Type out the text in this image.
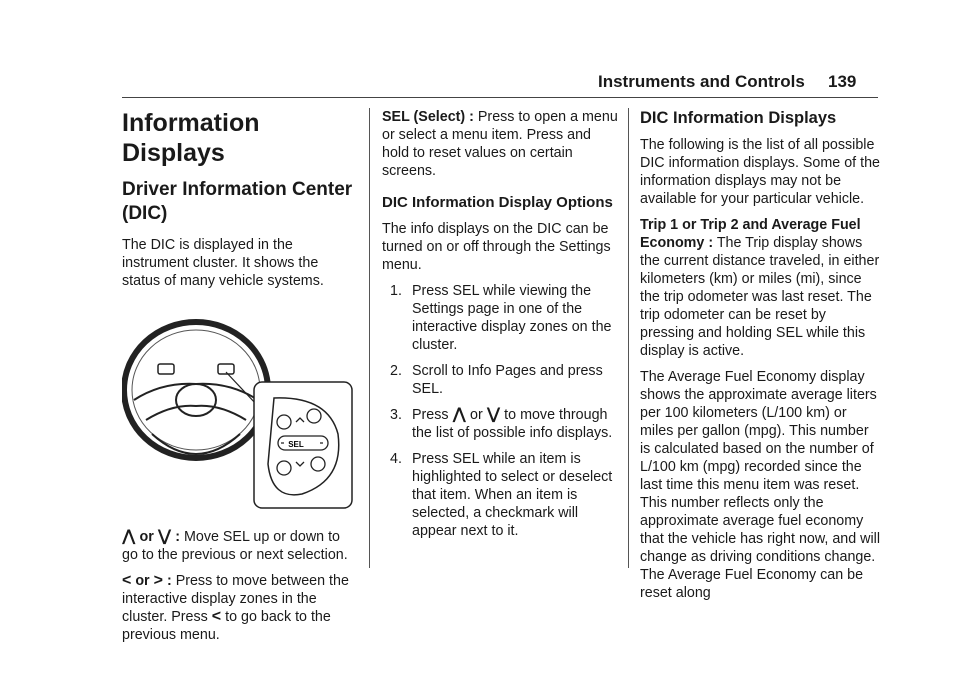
Instruments and Controls 139
Information Displays
Driver Information Center (DIC)

The DIC is displayed in the instrument cluster. It shows the status of many vehicle systems.

SEL

⋀ or ⋁ : Move SEL up or down to go to the previous or next selection.

< or > : Press to move between the interactive display zones in the cluster. Press < to go back to the previous menu.

SEL (Select) : Press to open a menu or select a menu item. Press and hold to reset values on certain screens.

DIC Information Display Options

The info displays on the DIC can be turned on or off through the Settings menu.

1. Press SEL while viewing the Settings page in one of the interactive display zones on the cluster.
2. Scroll to Info Pages and press SEL.
3. Press ⋀ or ⋁ to move through the list of possible info displays.
4. Press SEL while an item is highlighted to select or deselect that item. When an item is selected, a checkmark will appear next to it.
DIC Information Displays

The following is the list of all possible DIC information displays. Some of the information displays may not be available for your particular vehicle.

Trip 1 or Trip 2 and Average Fuel Economy : The Trip display shows the current distance traveled, in either kilometers (km) or miles (mi), since the trip odometer was last reset. The trip odometer can be reset by pressing and holding SEL while this display is active.

The Average Fuel Economy display shows the approximate average liters per 100 kilometers (L/100 km) or miles per gallon (mpg). This number is calculated based on the number of L/100 km (mpg) recorded since the last time this menu item was reset. This number reflects only the approximate average fuel economy that the vehicle has right now, and will change as driving conditions change. The Average Fuel Economy can be reset along
